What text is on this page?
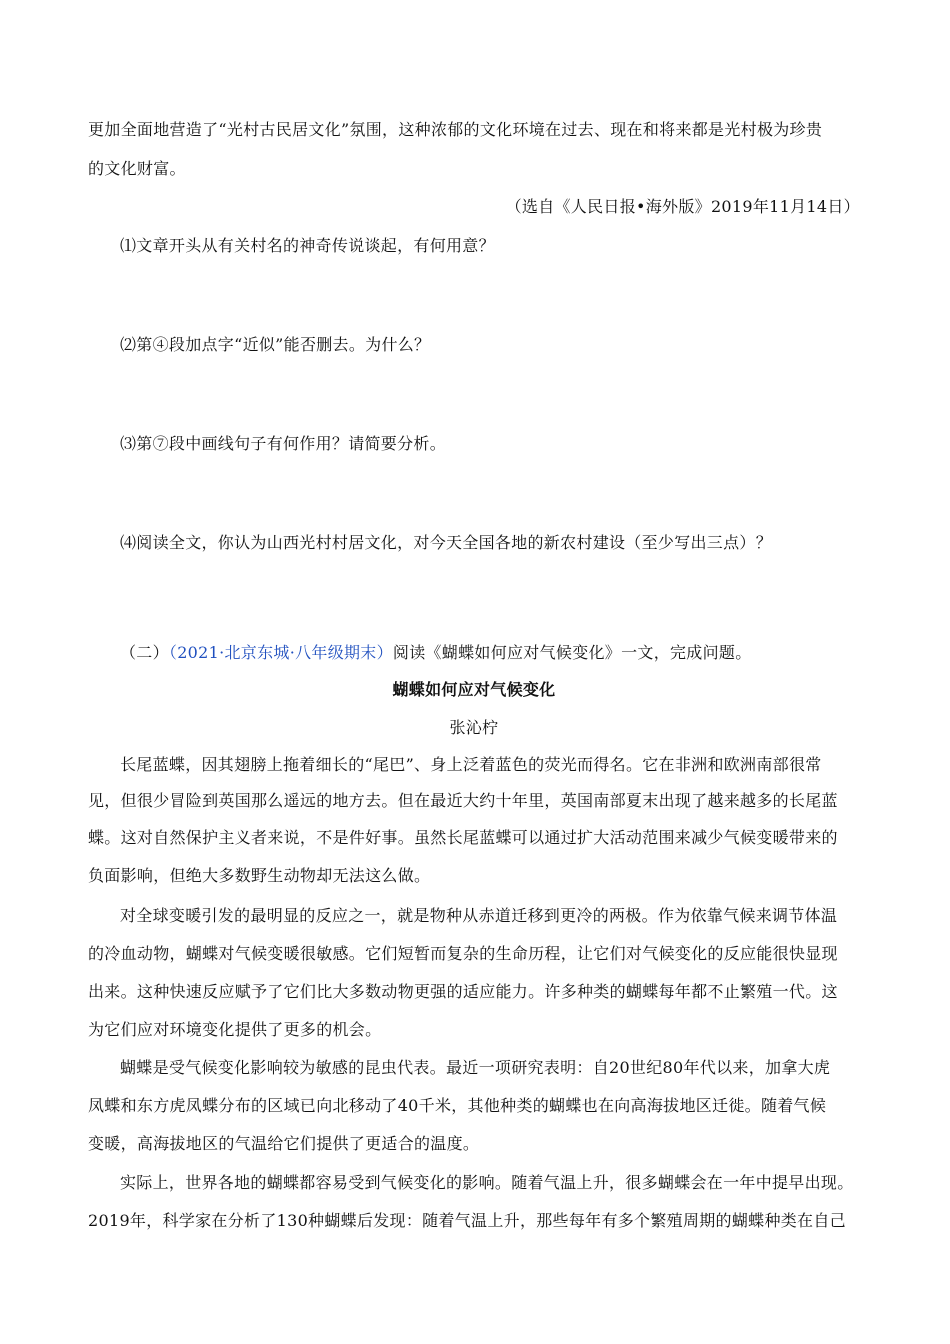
更加全面地营造了“光村古民居文化”氛围，这种浓郁的文化环境在过去、现在和将来都是光村极为珍贵
的文化财富。
（选自《人民日报•海外版》2019年11月14日）
⑴文章开头从有关村名的神奇传说谈起，有何用意？
⑵第④段加点字“近似”能否删去。为什么？
⑶第⑦段中画线句子有何作用？请简要分析。
⑷阅读全文，你认为山西光村村居文化，对今天全国各地的新农村建设（至少写出三点）？
（二）（2021·北京东城·八年级期末）阅读《蝴蝶如何应对气候变化》一文，完成问题。
蝴蝶如何应对气候变化
张沁柠
长尾蓝蝶，因其翅膀上拖着细长的“尾巴”、身上泛着蓝色的荧光而得名。它在非洲和欧洲南部很常
见，但很少冒险到英国那么遥远的地方去。但在最近大约十年里，英国南部夏末出现了越来越多的长尾蓝
蝶。这对自然保护主义者来说，不是件好事。虽然长尾蓝蝶可以通过扩大活动范围来减少气候变暖带来的
负面影响，但绝大多数野生动物却无法这么做。
对全球变暖引发的最明显的反应之一，就是物种从赤道迁移到更冷的两极。作为依靠气候来调节体温
的冷血动物，蝴蝶对气候变暖很敏感。它们短暂而复杂的生命历程，让它们对气候变化的反应能很快显现
出来。这种快速反应赋予了它们比大多数动物更强的适应能力。许多种类的蝴蝶每年都不止繁殖一代。这
为它们应对环境变化提供了更多的机会。
蝴蝶是受气候变化影响较为敏感的昆虫代表。最近一项研究表明：自20世纪80年代以来，加拿大虎
凤蝶和东方虎凤蝶分布的区域已向北移动了40千米，其他种类的蝴蝶也在向高海拔地区迁徙。随着气候
变暖，高海拔地区的气温给它们提供了更适合的温度。
实际上，世界各地的蝴蝶都容易受到气候变化的影响。随着气温上升，很多蝴蝶会在一年中提早出现。
2019年，科学家在分析了130种蝴蝶后发现：随着气温上升，那些每年有多个繁殖周期的蝴蝶种类在自己
